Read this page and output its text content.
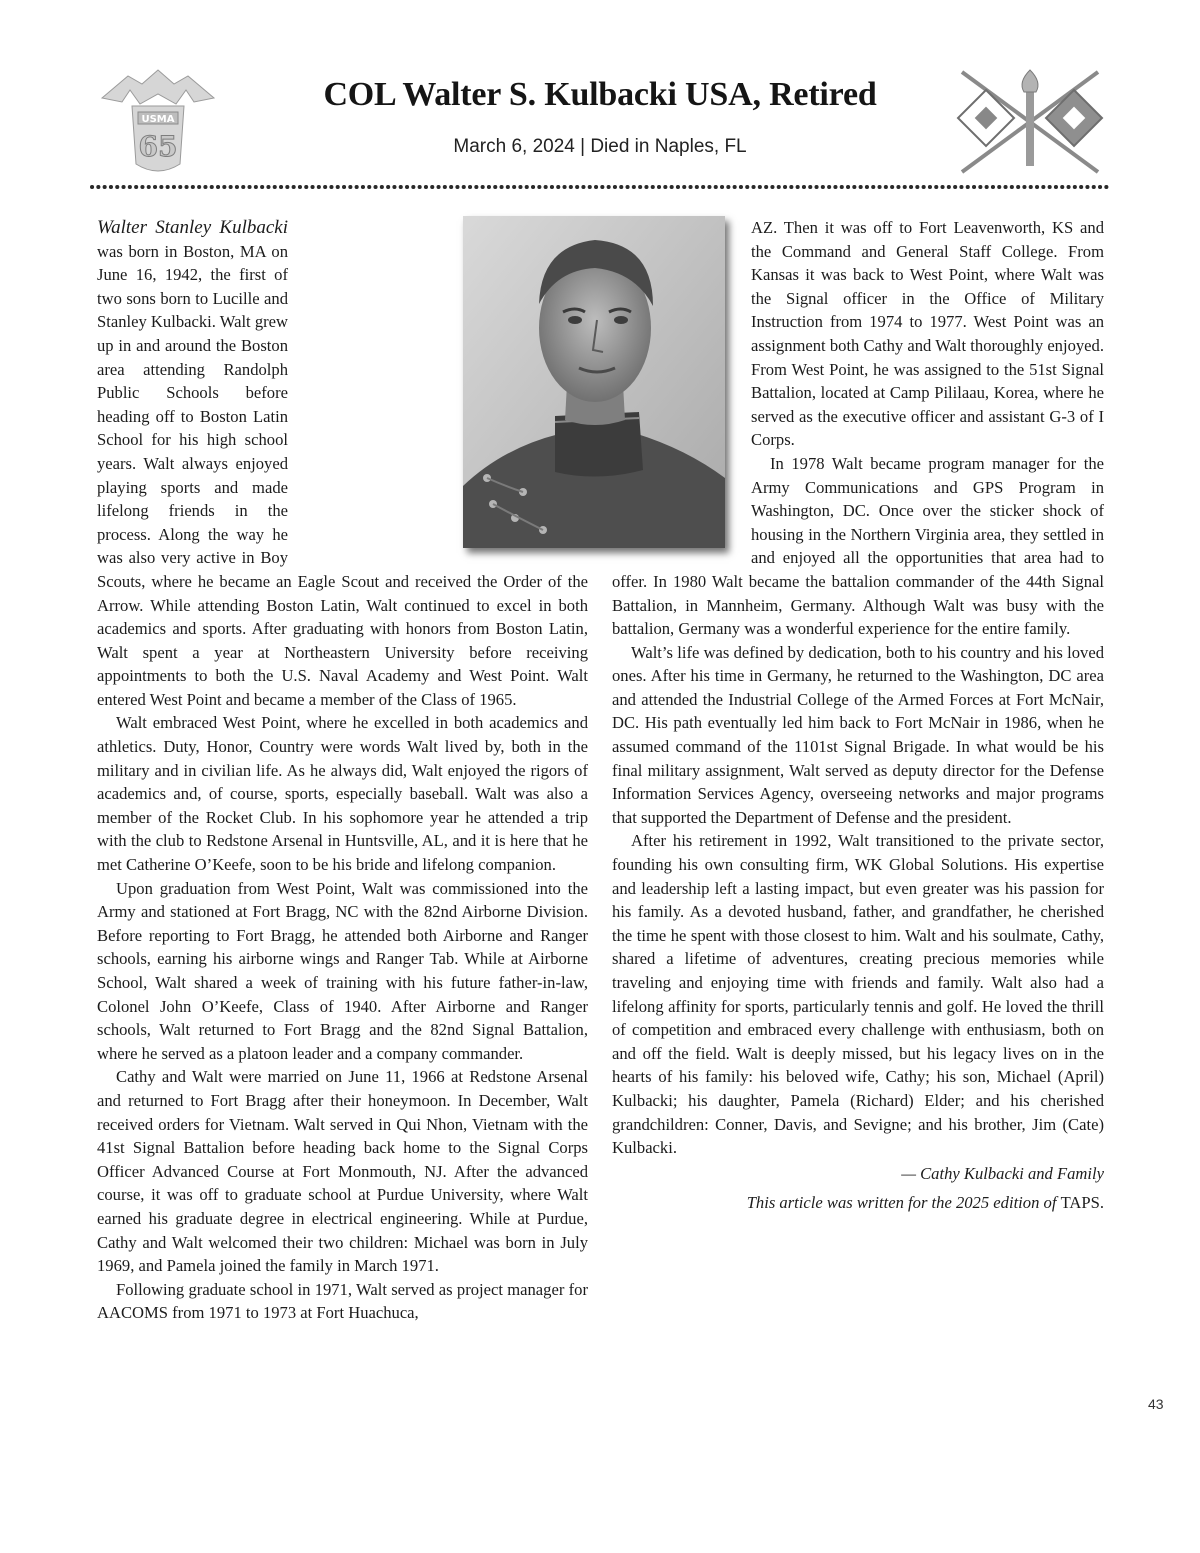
USMA
65
COL Walter S. Kulbacki USA, Retired
March 6, 2024 | Died in Naples, FL

Walter Stanley Kulbacki was born in Boston, MA on June 16, 1942, the first of two sons born to Lucille and Stanley Kulbacki. Walt grew up in and around the Boston area attending Randolph Public Schools before heading off to Boston Latin School for his high school years. Walt always enjoyed playing sports and made lifelong friends in the process. Along the way he was also very active in Boy Scouts, where he became an Eagle Scout and received the Order of the Arrow. While attending Boston Latin, Walt continued to excel in both academics and sports. After graduating with honors from Boston Latin, Walt spent a year at Northeastern University before receiving appointments to both the U.S. Naval Academy and West Point. Walt entered West Point and became a member of the Class of 1965.

Walt embraced West Point, where he excelled in both academics and athletics. Duty, Honor, Country were words Walt lived by, both in the military and in civilian life. As he always did, Walt enjoyed the rigors of academics and, of course, sports, especially baseball. Walt was also a member of the Rocket Club. In his sophomore year he attended a trip with the club to Redstone Arsenal in Huntsville, AL, and it is here that he met Catherine O’Keefe, soon to be his bride and lifelong companion.

Upon graduation from West Point, Walt was commissioned into the Army and stationed at Fort Bragg, NC with the 82nd Airborne Division. Before reporting to Fort Bragg, he attended both Airborne and Ranger schools, earning his airborne wings and Ranger Tab. While at Airborne School, Walt shared a week of training with his future father-in-law, Colonel John O’Keefe, Class of 1940. After Airborne and Ranger schools, Walt returned to Fort Bragg and the 82nd Signal Battalion, where he served as a platoon leader and a company commander.

Cathy and Walt were married on June 11, 1966 at Redstone Arsenal and returned to Fort Bragg after their honeymoon. In December, Walt received orders for Vietnam. Walt served in Qui Nhon, Vietnam with the 41st Signal Battalion before heading back home to the Signal Corps Officer Advanced Course at Fort Monmouth, NJ. After the advanced course, it was off to graduate school at Purdue University, where Walt earned his graduate degree in electrical engineering. While at Purdue, Cathy and Walt welcomed their two children: Michael was born in July 1969, and Pamela joined the family in March 1971.

Following graduate school in 1971, Walt served as project manager for AACOMS from 1971 to 1973 at Fort Huachuca,

AZ. Then it was off to Fort Leavenworth, KS and the Command and General Staff College. From Kansas it was back to West Point, where Walt was the Signal officer in the Office of Military Instruction from 1974 to 1977. West Point was an assignment both Cathy and Walt thoroughly enjoyed. From West Point, he was assigned to the 51st Signal Battalion, located at Camp Pililaau, Korea, where he served as the executive officer and assistant G-3 of I Corps.

In 1978 Walt became program manager for the Army Communications and GPS Program in Washington, DC. Once over the sticker shock of housing in the Northern Virginia area, they settled in and enjoyed all the opportunities that area had to offer. In 1980 Walt became the battalion commander of the 44th Signal Battalion, in Mannheim, Germany. Although Walt was busy with the battalion, Germany was a wonderful experience for the entire family.

Walt’s life was defined by dedication, both to his country and his loved ones. After his time in Germany, he returned to the Washington, DC area and attended the Industrial College of the Armed Forces at Fort McNair, DC. His path eventually led him back to Fort McNair in 1986, when he assumed command of the 1101st Signal Brigade. In what would be his final military assignment, Walt served as deputy director for the Defense Information Services Agency, overseeing networks and major programs that supported the Department of Defense and the president.

After his retirement in 1992, Walt transitioned to the private sector, founding his own consulting firm, WK Global Solutions. His expertise and leadership left a lasting impact, but even greater was his passion for his family. As a devoted husband, father, and grandfather, he cherished the time he spent with those closest to him. Walt and his soulmate, Cathy, shared a lifetime of adventures, creating precious memories while traveling and enjoying time with friends and family. Walt also had a lifelong affinity for sports, particularly tennis and golf. He loved the thrill of competition and embraced every challenge with enthusiasm, both on and off the field. Walt is deeply missed, but his legacy lives on in the hearts of his family: his beloved wife, Cathy; his son, Michael (April) Kulbacki; his daughter, Pamela (Richard) Elder; and his cherished grandchildren: Conner, Davis, and Sevigne; and his brother, Jim (Cate) Kulbacki.

— Cathy Kulbacki and Family
This article was written for the 2025 edition of TAPS.
43
